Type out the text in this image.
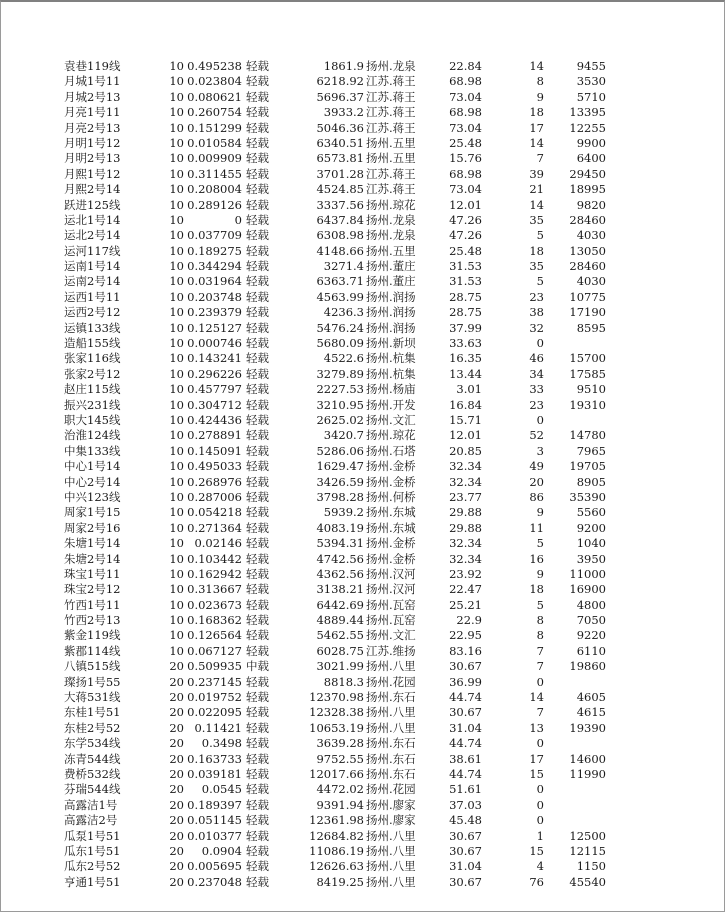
袁巷119线	10 0.495238 轻载	1861.9 扬州.龙泉	22.84	14	9455
月城1号11	10 0.023804 轻载	6218.92 江苏.蒋王	68.98	8	3530
月城2号13	10 0.080621 轻载	5696.37 江苏.蒋王	73.04	9	5710
月亮1号11	10 0.260754 轻载	3933.2 江苏.蒋王	68.98	18 13395
月亮2号13	10 0.151299 轻载	5046.36 江苏.蒋王	73.04	17 12255
月明1号12	10 0.010584 轻载	6340.51 扬州.五里	25.48	14	9900
月明2号13	10 0.009909 轻载	6573.81 扬州.五里	15.76	7	6400
月熙1号12	10 0.311455 轻载	3701.28 江苏.蒋王	68.98	39 29450
月熙2号14	10 0.208004 轻载	4524.85 江苏.蒋王	73.04	21 18995
跃进125线	10 0.289126 轻载	3337.56 扬州.琼花	12.01	14	9820
运北1号14	10	0 轻载	6437.84 扬州.龙泉	47.26	35 28460
运北2号14	10 0.037709 轻载	6308.98 扬州.龙泉	47.26	5	4030
运河117线	10 0.189275 轻载	4148.66 扬州.五里	25.48	18 13050
运南1号14	10 0.344294 轻载	3271.4 扬州.董庄	31.53	35 28460
运南2号14	10 0.031964 轻载	6363.71 扬州.董庄	31.53	5	4030
运西1号11	10 0.203748 轻载	4563.99 扬州.润扬	28.75	23 10775
运西2号12	10 0.239379 轻载	4236.3 扬州.润扬	28.75	38 17190
运镇133线	10 0.125127 轻载	5476.24 扬州.润扬	37.99	32	8595
造船155线	10 0.000746 轻载	5680.09 扬州.新坝	33.63	0
张家116线	10 0.143241 轻载	4522.6 扬州.杭集	16.35	46 15700
张家2号12	10 0.296226 轻载	3279.89 扬州.杭集	13.44	34 17585
赵庄115线	10 0.457797 轻载	2227.53 扬州.杨庙	3.01	33	9510
振兴231线	10 0.304712 轻载	3210.95 扬州.开发	16.84	23 19310
职大145线	10 0.424436 轻载	2625.02 扬州.文汇	15.71	0
治淮124线	10 0.278891 轻载	3420.7 扬州.琼花	12.01	52 14780
中集133线	10 0.145091 轻载	5286.06 扬州.石塔	20.85	3	7965
中心1号14	10 0.495033 轻载	1629.47 扬州.金桥	32.34	49 19705
中心2号14	10 0.268976 轻载	3426.59 扬州.金桥	32.34	20	8905
中兴123线	10 0.287006 轻载	3798.28 扬州.何桥	23.77	86 35390
周家1号15	10 0.054218 轻载	5939.2 扬州.东城	29.88	9	5560
周家2号16	10 0.271364 轻载	4083.19 扬州.东城	29.88	11	9200
朱塘1号14	10 0.02146 轻载	5394.31 扬州.金桥	32.34	5	1040
朱塘2号14	10 0.103442 轻载	4742.56 扬州.金桥	32.34	16	3950
珠宝1号11	10 0.162942 轻载	4362.56 扬州.汉河	23.92	9 11000
珠宝2号12	10 0.313667 轻载	3138.21 扬州.汉河	22.47	18 16900
竹西1号11	10 0.023673 轻载	6442.69 扬州.瓦窑	25.21	5	4800
竹西2号13	10 0.168362 轻载	4889.44 扬州.瓦窑	22.9	8	7050
紫金119线	10 0.126564 轻载	5462.55 扬州.文汇	22.95	8	9220
紫郡114线	10 0.067127 轻载	6028.75 江苏.维扬	83.16	7	6110
八镇515线	20 0.509935 中载	3021.99 扬州.八里	30.67	7 19860
璨扬1号55	20 0.237145 轻载	8818.3 扬州.花园	36.99	0
大蒋531线	20 0.019752 轻载	12370.98 扬州.东石	44.74	14	4605
东桂1号51	20 0.022095 轻载	12328.38 扬州.八里	30.67	7	4615
东桂2号52	20 0.11421 轻载	10653.19 扬州.八里	31.04	13 19390
东学534线	20	0.3498 轻载	3639.28 扬州.东石	44.74	0
冻青544线	20 0.163733 轻载	9752.55 扬州.东石	38.61	17 14600
费桥532线	20 0.039181 轻载	12017.66 扬州.东石	44.74	15 11990
芬瑞544线	20	0.0545 轻载	4472.02 扬州.花园	51.61	0
高露洁1号	20 0.189397 轻载	9391.94 扬州.廖家	37.03	0
高露洁2号	20 0.051145 轻载	12361.98 扬州.廖家	45.48	0
瓜泵1号51	20 0.010377 轻载	12684.82 扬州.八里	30.67	1 12500
瓜东1号51	20	0.0904 轻载	11086.19 扬州.八里	30.67	15 12115
瓜东2号52	20 0.005695 轻载	12626.63 扬州.八里	31.04	4	1150
亨通1号51	20 0.237048 轻载	8419.25 扬州.八里	30.67	76 45540
